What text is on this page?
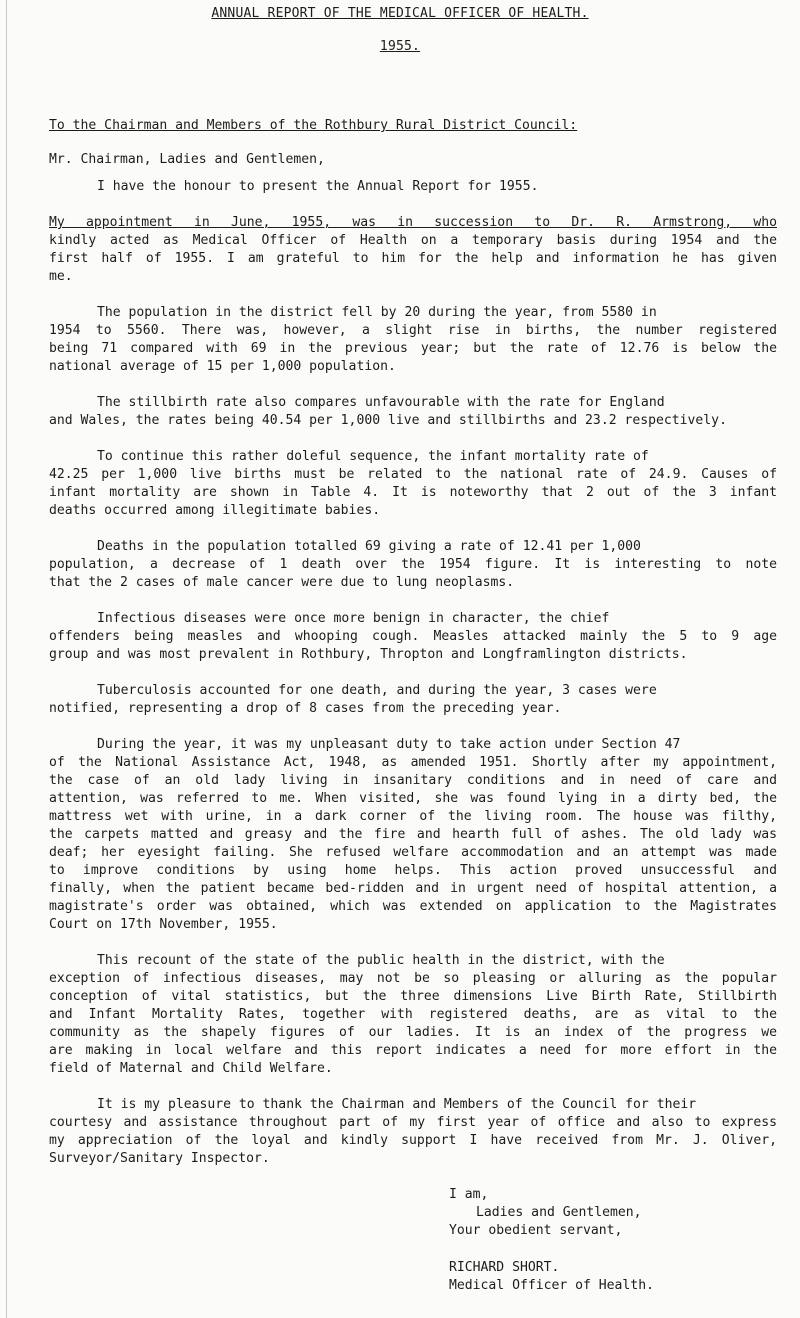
ANNUAL REPORT OF THE MEDICAL OFFICER OF HEALTH.
1955.
To the Chairman and Members of the Rothbury Rural District Council:
Mr. Chairman, Ladies and Gentlemen,
I have the honour to present the Annual Report for 1955.
My appointment in June, 1955, was in succession to Dr. R. Armstrong, who
kindly acted as Medical Officer of Health on a temporary basis during 1954 and the
first half of 1955. I am grateful to him for the help and information he has given
me.
The population in the district fell by 20 during the year, from 5580 in
1954 to 5560. There was, however, a slight rise in births, the number registered
being 71 compared with 69 in the previous year; but the rate of 12.76 is below the
national average of 15 per 1,000 population.
The stillbirth rate also compares unfavourable with the rate for England
and Wales, the rates being 40.54 per 1,000 live and stillbirths and 23.2 respectively.
To continue this rather doleful sequence, the infant mortality rate of
42.25 per 1,000 live births must be related to the national rate of 24.9. Causes of
infant mortality are shown in Table 4. It is noteworthy that 2 out of the 3 infant
deaths occurred among illegitimate babies.
Deaths in the population totalled 69 giving a rate of 12.41 per 1,000
population, a decrease of 1 death over the 1954 figure. It is interesting to note
that the 2 cases of male cancer were due to lung neoplasms.
Infectious diseases were once more benign in character, the chief
offenders being measles and whooping cough. Measles attacked mainly the 5 to 9 age
group and was most prevalent in Rothbury, Thropton and Longframlington districts.
Tuberculosis accounted for one death, and during the year, 3 cases were
notified, representing a drop of 8 cases from the preceding year.
During the year, it was my unpleasant duty to take action under Section 47
of the National Assistance Act, 1948, as amended 1951. Shortly after my appointment,
the case of an old lady living in insanitary conditions and in need of care and
attention, was referred to me. When visited, she was found lying in a dirty bed, the
mattress wet with urine, in a dark corner of the living room. The house was filthy,
the carpets matted and greasy and the fire and hearth full of ashes. The old lady was
deaf; her eyesight failing. She refused welfare accommodation and an attempt was made
to improve conditions by using home helps. This action proved unsuccessful and
finally, when the patient became bed-ridden and in urgent need of hospital attention, a
magistrate's order was obtained, which was extended on application to the Magistrates
Court on 17th November, 1955.
This recount of the state of the public health in the district, with the
exception of infectious diseases, may not be so pleasing or alluring as the popular
conception of vital statistics, but the three dimensions Live Birth Rate, Stillbirth
and Infant Mortality Rates, together with registered deaths, are as vital to the
community as the shapely figures of our ladies. It is an index of the progress we
are making in local welfare and this report indicates a need for more effort in the
field of Maternal and Child Welfare.
It is my pleasure to thank the Chairman and Members of the Council for their
courtesy and assistance throughout part of my first year of office and also to express
my appreciation of the loyal and kindly support I have received from Mr. J. Oliver,
Surveyor/Sanitary Inspector.
I am,
Ladies and Gentlemen,
Your obedient servant,
RICHARD SHORT.
Medical Officer of Health.
